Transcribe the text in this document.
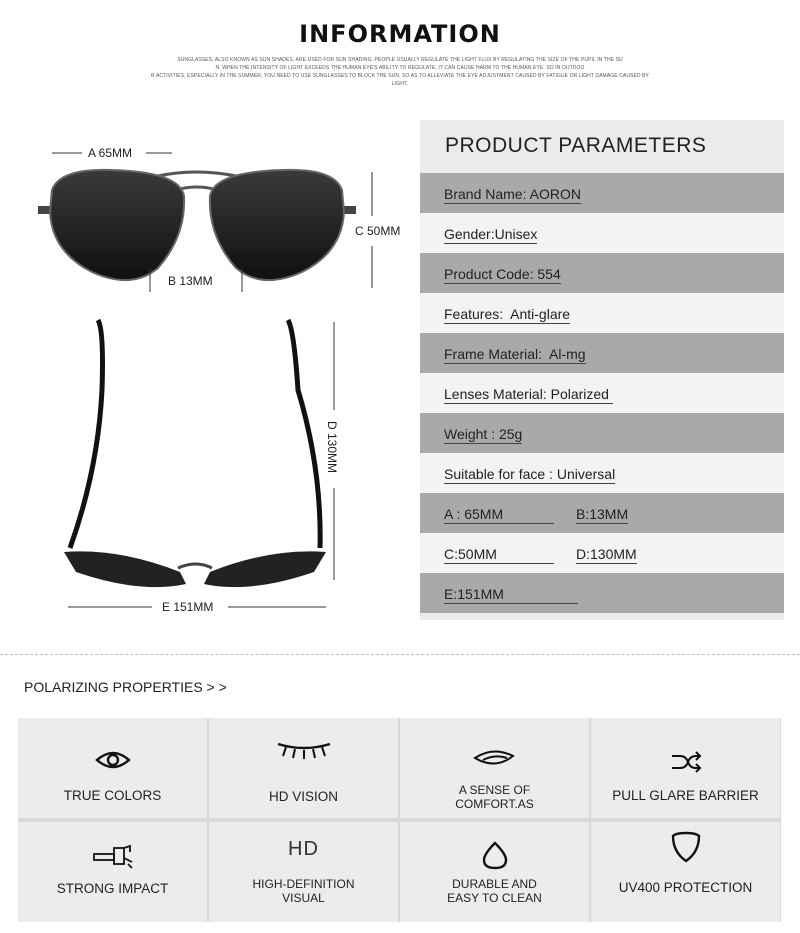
INFORMATION
SUNGLASSES, ALSO KNOWN AS SUN SHADES, ARE USED FOR SUN SHADING. PEOPLE USUALLY REGULATE THE LIGHT FLUX BY REGULATING THE SIZE OF THE PUPIL IN THE SU
N, WHEN THE INTENSITY OF LIGHT EXCEEDS THE HUMAN EYE'S ABILITY TO REGULATE, IT CAN CAUSE HARM TO THE HUMAN EYE. SO IN OUTDOO
R ACTIVITIES, ESPECIALLY IN THE SUMMER, YOU NEED TO USE SUNGLASSES TO BLOCK THE SUN, SO AS TO ALLEVIATE THE EYE ADJUSTMENT CAUSED BY FATIGUE OR LIGHT DAMAGE CAUSED BY LIGHT.
A 65MM
C 50MM
B 13MM
D 130MM
E 151MM
PRODUCT PARAMETERS
Brand Name: AORON
Gender:Unisex
Product Code: 554
Features:  Anti-glare
Frame Material:  Al-mg
Lenses Material: Polarized
Weight : 25g
Suitable for face : Universal
A : 65MM	B:13MM
C:50MM	D:130MM
E:151MM
POLARIZING PROPERTIES > >
TRUE COLORS	HD VISION	A SENSE OF
COMFORT.AS
PULL GLARE BARRIER
STRONG IMPACT
HD
HIGH-DEFINITION
VISUAL
DURABLE AND
EASY TO CLEAN
UV400 PROTECTION
